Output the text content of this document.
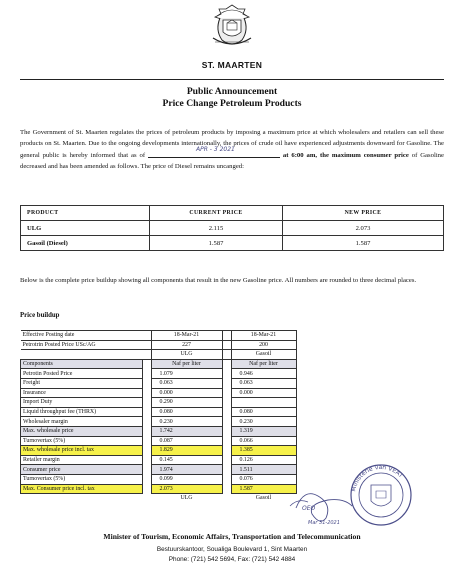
ST. MAARTEN
Public Announcement
Price Change Petroleum Products
The Government of St. Maarten regulates the prices of petroleum products by imposing a maximum price at which wholesalers and retailers can sell these products on St. Maarten. Due to the ongoing developments internationally, the prices of crude oil have experienced adjustments downward for Gasoline. The general public is hereby informed that as of
APR - 3 2021
at 6:00 am, the maximum consumer price of Gasoline decreased and has been amended as follows. The price of Diesel remains uncanged:
PRODUCT	CURRENT PRICE	NEW PRICE
ULG	2.115	2.073
Gasoil (Diesel)	1.587	1.587
Below is the complete price buildup showing all components that result in the new Gasoline price. All numbers are rounded to three decimal places.
Price buildup
Effective Posting date		18-Mar-21		18-Mar-21
Petrotrin Posted Price USc/AG		227		200
		ULG		Gasoil
Components		Naf per liter		Naf per liter
Petrotin Posted Price		1.079		0.946
Freight		0.063		0.063
Insurance		0.000		0.000
Import Duty		0.290		
Liquid throughput fee (THRX)		0.080		0.080
Wholesaler margin		0.230		0.230
Max. wholesale price		1.742		1.319
Turnovertax (5%)		0.087		0.066
Max. wholesale price incl. tax		1.829		1.385
Retailer margin		0.145		0.126
Consumer price		1.974		1.511
Turnovertax (5%)		0.099		0.076
Max. Consumer price incl. tax		2.073		1.587
		ULG		Gasoil
OEO
Mar 31-2021
Ministerie van VEAT
Minister of Tourism, Economic Affairs, Transportation and Telecommunication
Bestuurskantoor, Soualiga Boulevard 1, Sint Maarten
Phone: (721) 542 5694, Fax: (721) 542 4884
